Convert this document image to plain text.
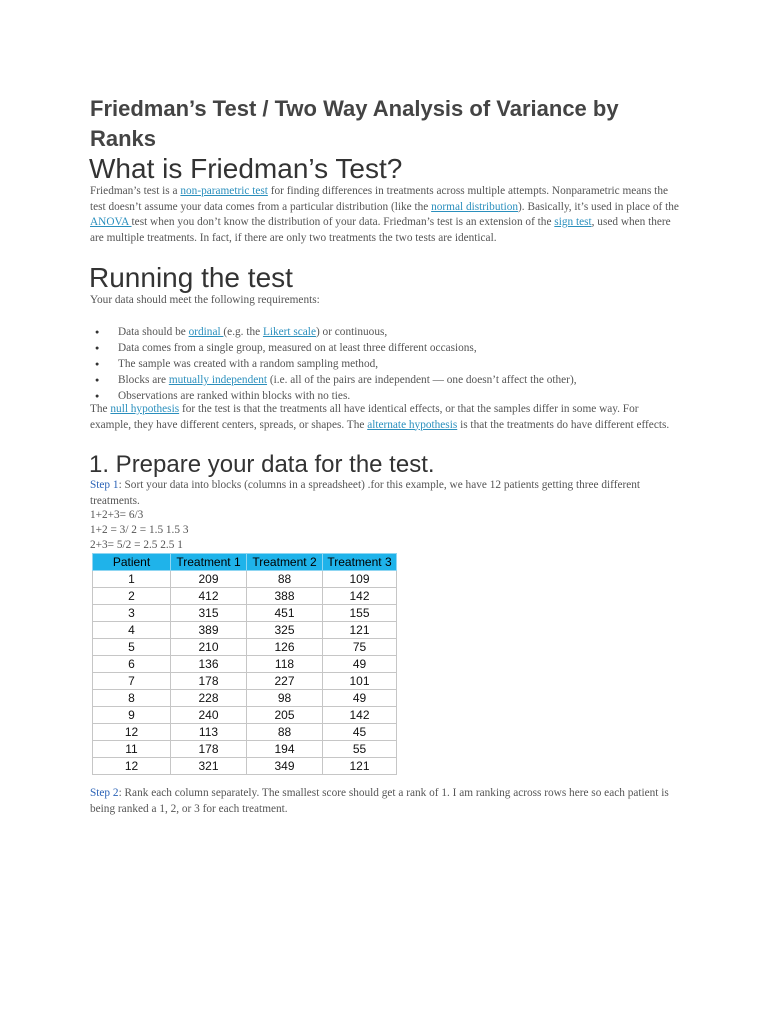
Friedman’s Test / Two Way Analysis of Variance by Ranks
What is Friedman’s Test?

Friedman’s test is a non-parametric test for finding differences in treatments across multiple attempts. Nonparametric means the test doesn’t assume your data comes from a particular distribution (like the normal distribution). Basically, it’s used in place of the ANOVA test when you don’t know the distribution of your data. Friedman’s test is an extension of the sign test, used when there are multiple treatments. In fact, if there are only two treatments the two tests are identical.

Running the test

Your data should meet the following requirements:

● Data should be ordinal (e.g. the Likert scale) or continuous,
● Data comes from a single group, measured on at least three different occasions,
● The sample was created with a random sampling method,
● Blocks are mutually independent (i.e. all of the pairs are independent — one doesn’t affect the other),
● Observations are ranked within blocks with no ties.

The null hypothesis for the test is that the treatments all have identical effects, or that the samples differ in some way. For example, they have different centers, spreads, or shapes. The alternate hypothesis is that the treatments do have different effects.

1. Prepare your data for the test.

Step 1: Sort your data into blocks (columns in a spreadsheet) .for this example, we have 12 patients getting three different treatments.

1+2+3= 6/3

1+2 = 3/ 2 = 1.5 1.5 3

2+3= 5/2 = 2.5 2.5 1

Patient	Treatment 1	Treatment 2	Treatment 3
1	209	88	109
2	412	388	142
3	315	451	155
4	389	325	121
5	210	126	75
6	136	118	49
7	178	227	101
8	228	98	49
9	240	205	142
12	113	88	45
11	178	194	55
12	321	349	121

Step 2: Rank each column separately. The smallest score should get a rank of 1. I am ranking across rows here so each patient is being ranked a 1, 2, or 3 for each treatment.
